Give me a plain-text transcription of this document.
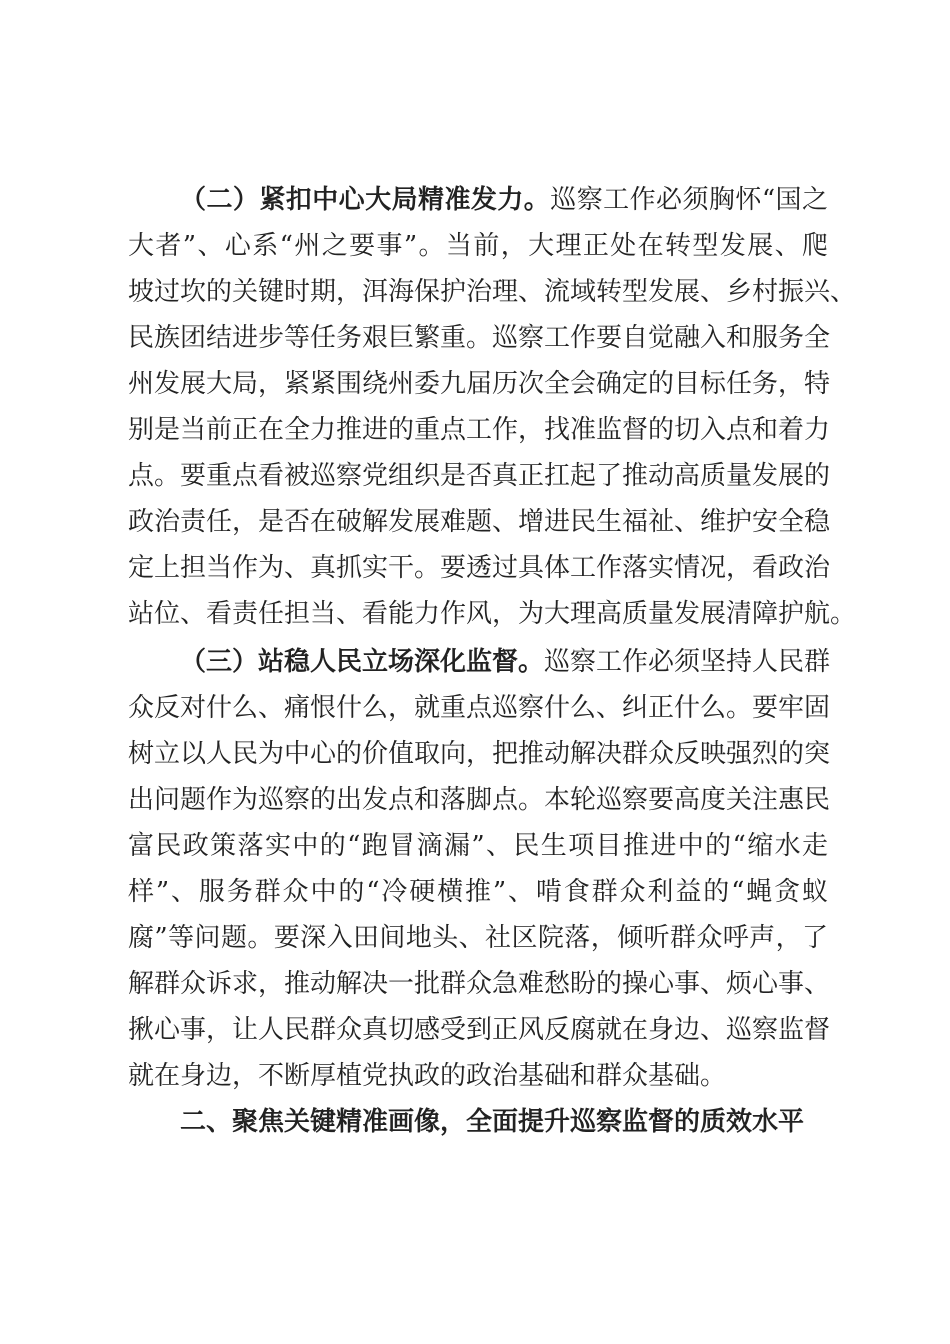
（二）紧扣中心大局精准发力。巡察工作必须胸怀“国之
大者”、心系“州之要事”。当前，大理正处在转型发展、爬
坡过坎的关键时期，洱海保护治理、流域转型发展、乡村振兴、
民族团结进步等任务艰巨繁重。巡察工作要自觉融入和服务全
州发展大局，紧紧围绕州委九届历次全会确定的目标任务，特
别是当前正在全力推进的重点工作，找准监督的切入点和着力
点。要重点看被巡察党组织是否真正扛起了推动高质量发展的
政治责任，是否在破解发展难题、增进民生福祉、维护安全稳
定上担当作为、真抓实干。要透过具体工作落实情况，看政治
站位、看责任担当、看能力作风，为大理高质量发展清障护航。
（三）站稳人民立场深化监督。巡察工作必须坚持人民群
众反对什么、痛恨什么，就重点巡察什么、纠正什么。要牢固
树立以人民为中心的价值取向，把推动解决群众反映强烈的突
出问题作为巡察的出发点和落脚点。本轮巡察要高度关注惠民
富民政策落实中的“跑冒滴漏”、民生项目推进中的“缩水走
样”、服务群众中的“冷硬横推”、啃食群众利益的“蝇贪蚁
腐”等问题。要深入田间地头、社区院落，倾听群众呼声，了
解群众诉求，推动解决一批群众急难愁盼的操心事、烦心事、
揪心事，让人民群众真切感受到正风反腐就在身边、巡察监督
就在身边，不断厚植党执政的政治基础和群众基础。
二、聚焦关键精准画像，全面提升巡察监督的质效水平
